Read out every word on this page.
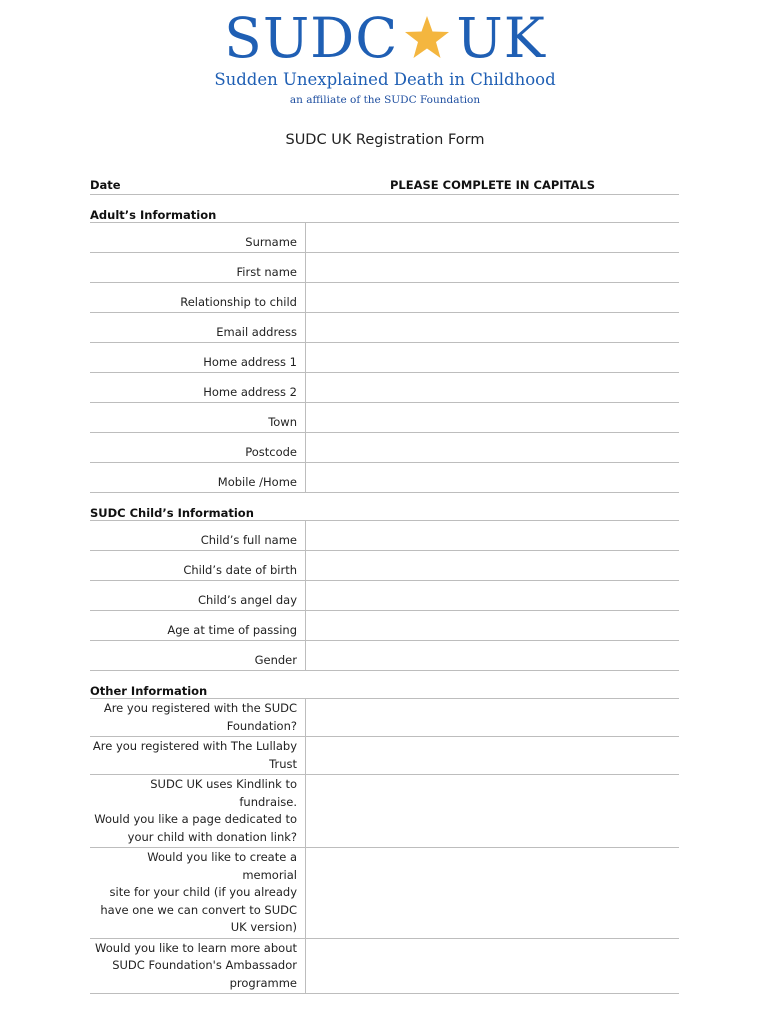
SUDC UK
Sudden Unexplained Death in Childhood
an affiliate of the SUDC Foundation
SUDC UK Registration Form
Date	PLEASE COMPLETE IN CAPITALS
Adult’s Information
Surname
First name
Relationship to child
Email address
Home address 1
Home address 2
Town
Postcode
Mobile /Home
SUDC Child’s Information
Child’s full name
Child’s date of birth
Child’s angel day
Age at time of passing
Gender
Other Information
Are you registered with the SUDC
Foundation?
Are you registered with The Lullaby
Trust
SUDC UK uses Kindlink to fundraise.
Would you like a page dedicated to
your child with donation link?
Would you like to create a memorial
site for your child (if you already
have one we can convert to SUDC
UK version)
Would you like to learn more about
SUDC Foundation's Ambassador
programme
